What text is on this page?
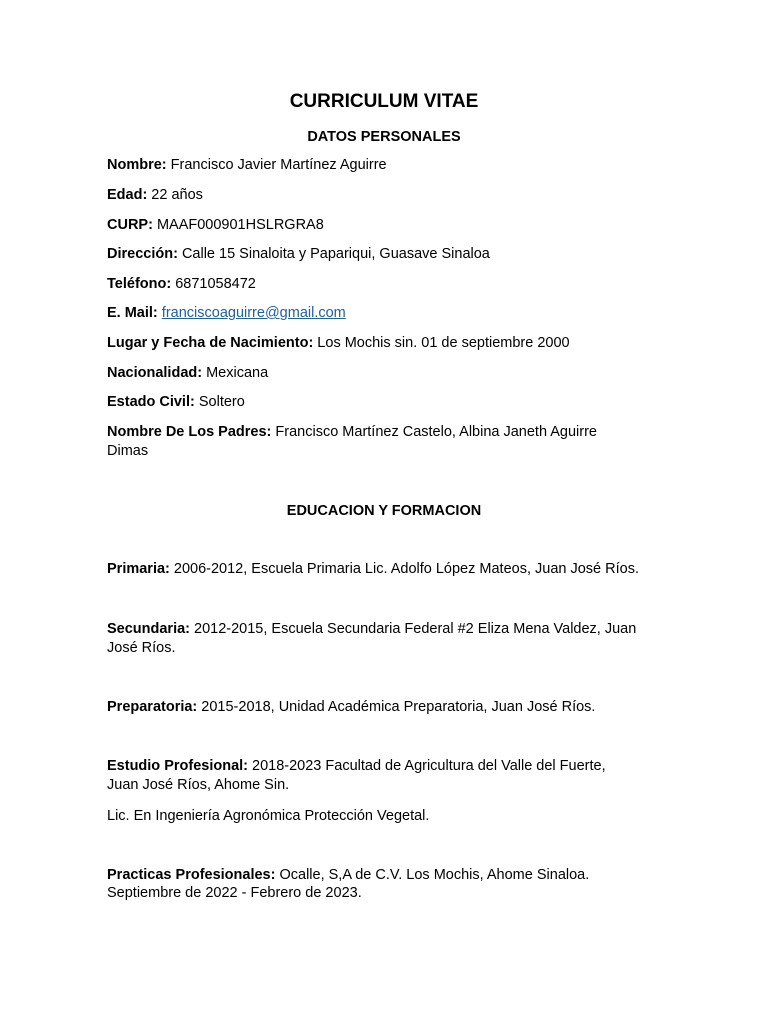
CURRICULUM VITAE
DATOS PERSONALES
Nombre: Francisco Javier Martínez Aguirre
Edad: 22 años
CURP: MAAF000901HSLRGRA8
Dirección: Calle 15 Sinaloita y Papariqui, Guasave Sinaloa
Teléfono: 6871058472
E. Mail: franciscoaguirre@gmail.com
Lugar y Fecha de Nacimiento: Los Mochis sin. 01 de septiembre 2000
Nacionalidad: Mexicana
Estado Civil: Soltero
Nombre De Los Padres: Francisco Martínez Castelo, Albina Janeth Aguirre
Dimas
EDUCACION Y FORMACION
Primaria: 2006-2012, Escuela Primaria Lic. Adolfo López Mateos, Juan José Ríos.
Secundaria: 2012-2015, Escuela Secundaria Federal #2 Eliza Mena Valdez, Juan
José Ríos.
Preparatoria: 2015-2018, Unidad Académica Preparatoria, Juan José Ríos.
Estudio Profesional: 2018-2023 Facultad de Agricultura del Valle del Fuerte,
Juan José Ríos, Ahome Sin.
Lic. En Ingeniería Agronómica Protección Vegetal.
Practicas Profesionales: Ocalle, S,A de C.V. Los Mochis, Ahome Sinaloa.
Septiembre de 2022 - Febrero de 2023.
